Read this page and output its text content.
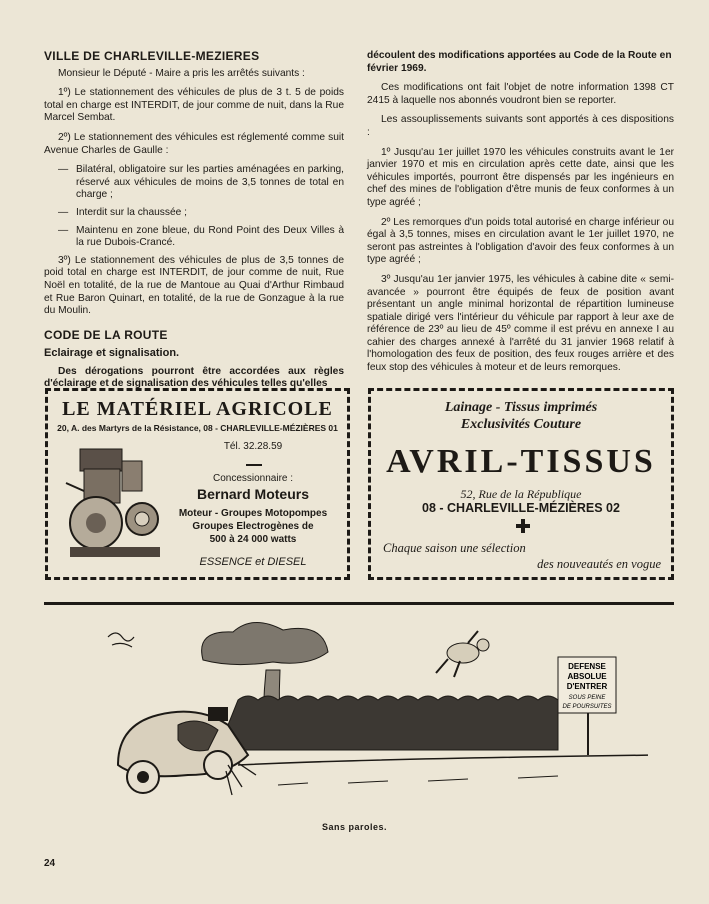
VILLE DE CHARLEVILLE-MEZIERES

Monsieur le Député - Maire a pris les arrêtés suivants :

1º) Le stationnement des véhicules de plus de 3 t. 5 de poids total en charge est INTERDIT, de jour comme de nuit, dans la Rue Marcel Sembat.

2º) Le stationnement des véhicules est réglementé comme suit Avenue Charles de Gaulle :

— Bilatéral, obligatoire sur les parties aménagées en parking, réservé aux véhicules de moins de 3,5 tonnes de total en charge ;
— Interdit sur la chaussée ;
— Maintenu en zone bleue, du Rond Point des Deux Villes à la rue Dubois-Crancé.

3º) Le stationnement des véhicules de plus de 3,5 tonnes de poid total en charge est INTERDIT, de jour comme de nuit, Rue Noël en totalité, de la rue de Mantoue au Quai d'Arthur Rimbaud et Rue Baron Quinart, en totalité, de la rue de Gonzague à la rue du Moulin.

CODE DE LA ROUTE
Eclairage et signalisation.

Des dérogations pourront être accordées aux règles d'éclairage et de signalisation des véhicules telles qu'elles

découlent des modifications apportées au Code de la Route en février 1969.

Ces modifications ont fait l'objet de notre information 1398 CT 2415 à laquelle nos abonnés voudront bien se reporter.

Les assouplissements suivants sont apportés à ces dispositions :

1º Jusqu'au 1er juillet 1970 les véhicules construits avant le 1er janvier 1970 et mis en circulation après cette date, ainsi que les véhicules importés, pourront être dispensés par les ingénieurs en chef des mines de l'obligation d'être munis de feux conformes à un type agréé ;

2º Les remorques d'un poids total autorisé en charge inférieur ou égal à 3,5 tonnes, mises en circulation avant le 1er juillet 1970, ne seront pas astreintes à l'obligation d'avoir des feux conformes à un type agréé ;

3º Jusqu'au 1er janvier 1975, les véhicules à cabine dite « semi-avancée » pourront être équipés de feux de position avant présentant un angle minimal horizontal de répartition lumineuse spatiale dirigé vers l'intérieur du véhicule par rapport à leur axe de référence de 23º au lieu de 45º comme il est prévu en annexe I au cahier des charges annexé à l'arrêté du 31 janvier 1968 relatif à l'homologation des feux de position, des feux rouges arrière et des feux stop des véhicules à moteur et de leurs remorques.

LE MATÉRIEL AGRICOLE
20, A. des Martyrs de la Résistance, 08 - CHARLEVILLE-MÉZIÈRES 01
Tél. 32.28.59
Concessionnaire :
Bernard Moteurs
Moteur - Groupes Motopompes
Groupes Electrogènes de
500 à 24 000 watts
ESSENCE et DIESEL
Lainage - Tissus imprimés
Exclusivités Couture
AVRIL-TISSUS
52, Rue de la République
08 - CHARLEVILLE-MÉZIÈRES 02
Chaque saison une sélection
des nouveautés en vogue
DEFENSE
ABSOLUE
D'ENTRER
SOUS PEINE
DE POURSUITES
Sans paroles.
24
